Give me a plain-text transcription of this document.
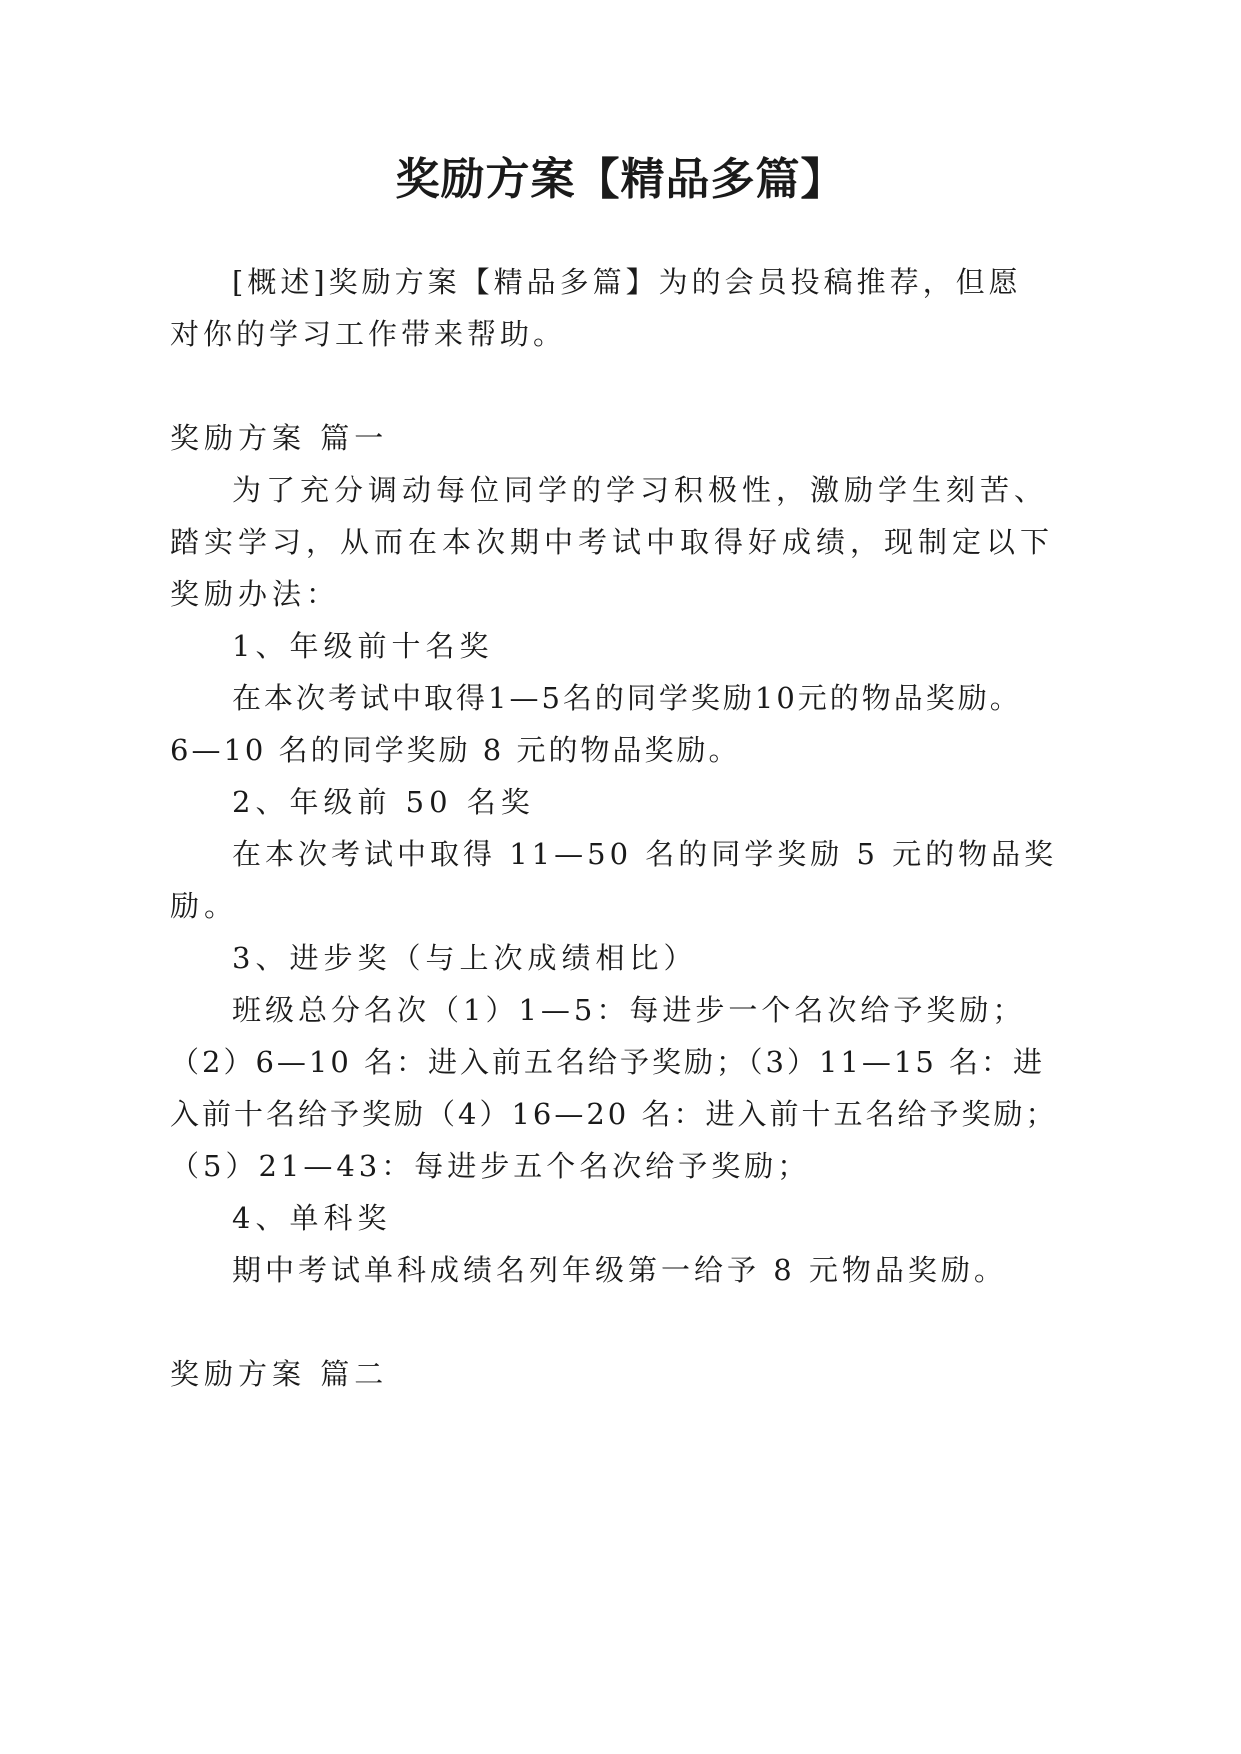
奖励方案【精品多篇】
[概述]奖励方案【精品多篇】为的会员投稿推荐，但愿
对你的学习工作带来帮助。
奖励方案 篇一
为了充分调动每位同学的学习积极性，激励学生刻苦、
踏实学习，从而在本次期中考试中取得好成绩，现制定以下
奖励办法：
1、年级前十名奖
在本次考试中取得1—5名的同学奖励10元的物品奖励。
6—10 名的同学奖励 8 元的物品奖励。
2、年级前 50 名奖
在本次考试中取得 11—50 名的同学奖励 5 元的物品奖
励。
3、进步奖（与上次成绩相比）
班级总分名次（1）1—5：每进步一个名次给予奖励；
（2）6—10 名：进入前五名给予奖励；（3）11—15 名：进
入前十名给予奖励（4）16—20 名：进入前十五名给予奖励；
（5）21—43：每进步五个名次给予奖励；
4、单科奖
期中考试单科成绩名列年级第一给予 8 元物品奖励。
奖励方案 篇二
